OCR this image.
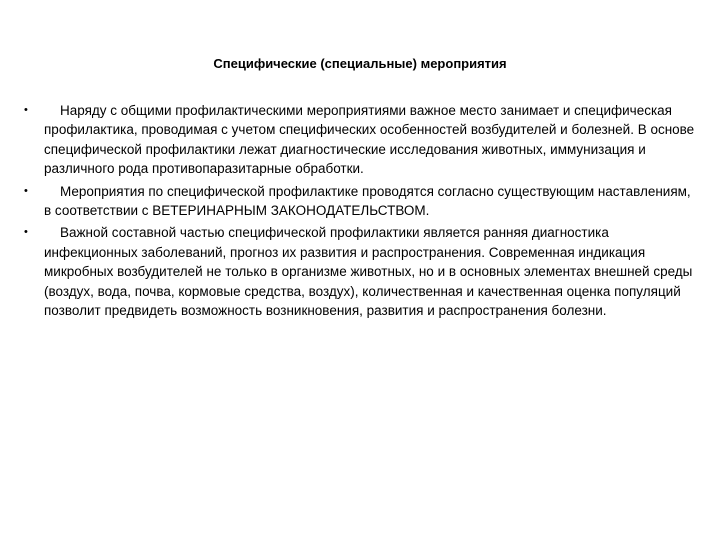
Специфические (специальные) мероприятия
•	Наряду с общими профилактическими мероприятиями важное место занимает и специфическая профилактика, проводимая с учетом специфических особенностей возбудителей и болезней. В основе специфической профилактики лежат диагностические исследования животных, иммунизация и различного рода противопаразитарные обработки.
•	Мероприятия по специфической профилактике проводятся согласно существующим наставлениям, в соответствии с ВЕТЕРИНАРНЫМ ЗАКОНОДАТЕЛЬСТВОМ.
•	Важной составной частью специфической профилактики является ранняя диагностика инфекционных заболеваний, прогноз их развития и распространения. Современная индикация микробных возбудителей не только в организме животных, но и в основных элементах внешней среды (воздух, вода, почва, кормовые средства, воздух), количественная и качественная оценка популяций позволит предвидеть возможность возникновения, развития и распространения болезни.
